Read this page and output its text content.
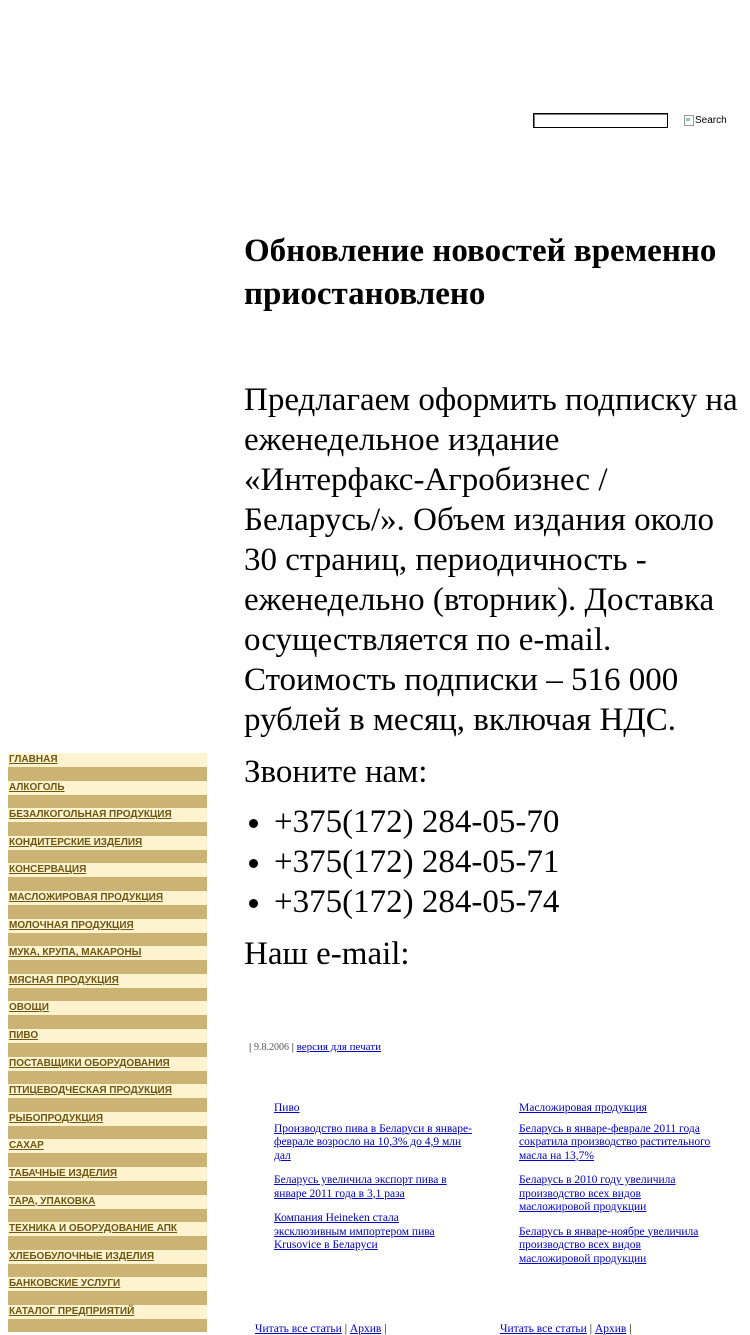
Search
Обновление новостей временно приостановлено

Предлагаем оформить подписку на еженедельное издание «Интерфакс-Агробизнес / Беларусь/». Объем издания около 30 страниц, периодичность - еженедельно (вторник). Доставка осуществляется по e-mail. Стоимость подписки – 516 000 рублей в месяц, включая НДС.

Звоните нам:

+375(172) 284-05-70
+375(172) 284-05-71
+375(172) 284-05-74

Наш e-mail:

| 9.8.2006 | версия для печати
ГЛАВНАЯ
АЛКОГОЛЬ
БЕЗАЛКОГОЛЬНАЯ ПРОДУКЦИЯ
КОНДИТЕРСКИЕ ИЗДЕЛИЯ
КОНСЕРВАЦИЯ
МАСЛОЖИРОВАЯ ПРОДУКЦИЯ
МОЛОЧНАЯ ПРОДУКЦИЯ
МУКА, КРУПА, МАКАРОНЫ
МЯСНАЯ ПРОДУКЦИЯ
ОВОЩИ
ПИВО
ПОСТАВЩИКИ ОБОРУДОВАНИЯ
ПТИЦЕВОДЧЕСКАЯ ПРОДУКЦИЯ
РЫБОПРОДУКЦИЯ
САХАР
ТАБАЧНЫЕ ИЗДЕЛИЯ
ТАРА, УПАКОВКА
ТЕХНИКА И ОБОРУДОВАНИЕ АПК
ХЛЕБОБУЛОЧНЫЕ ИЗДЕЛИЯ
БАНКОВСКИЕ УСЛУГИ
КАТАЛОГ ПРЕДПРИЯТИЙ
Пиво
Производство пива в Беларуси в январе-феврале возросло на 10,3% до 4,9 млн дал
Беларусь увеличила экспорт пива в январе 2011 года в 3,1 раза
Компания Heineken стала эксклюзивным импортером пива Krusovice в Беларуси
Масложировая продукция
Беларусь в январе-феврале 2011 года сократила производство растительного масла на 13,7%
Беларусь в 2010 году увеличила производство всех видов масложировой продукции
Беларусь в январе-ноябре увеличила производство всех видов масложировой продукции
Читать все статьи | Архив |	Читать все статьи | Архив |
